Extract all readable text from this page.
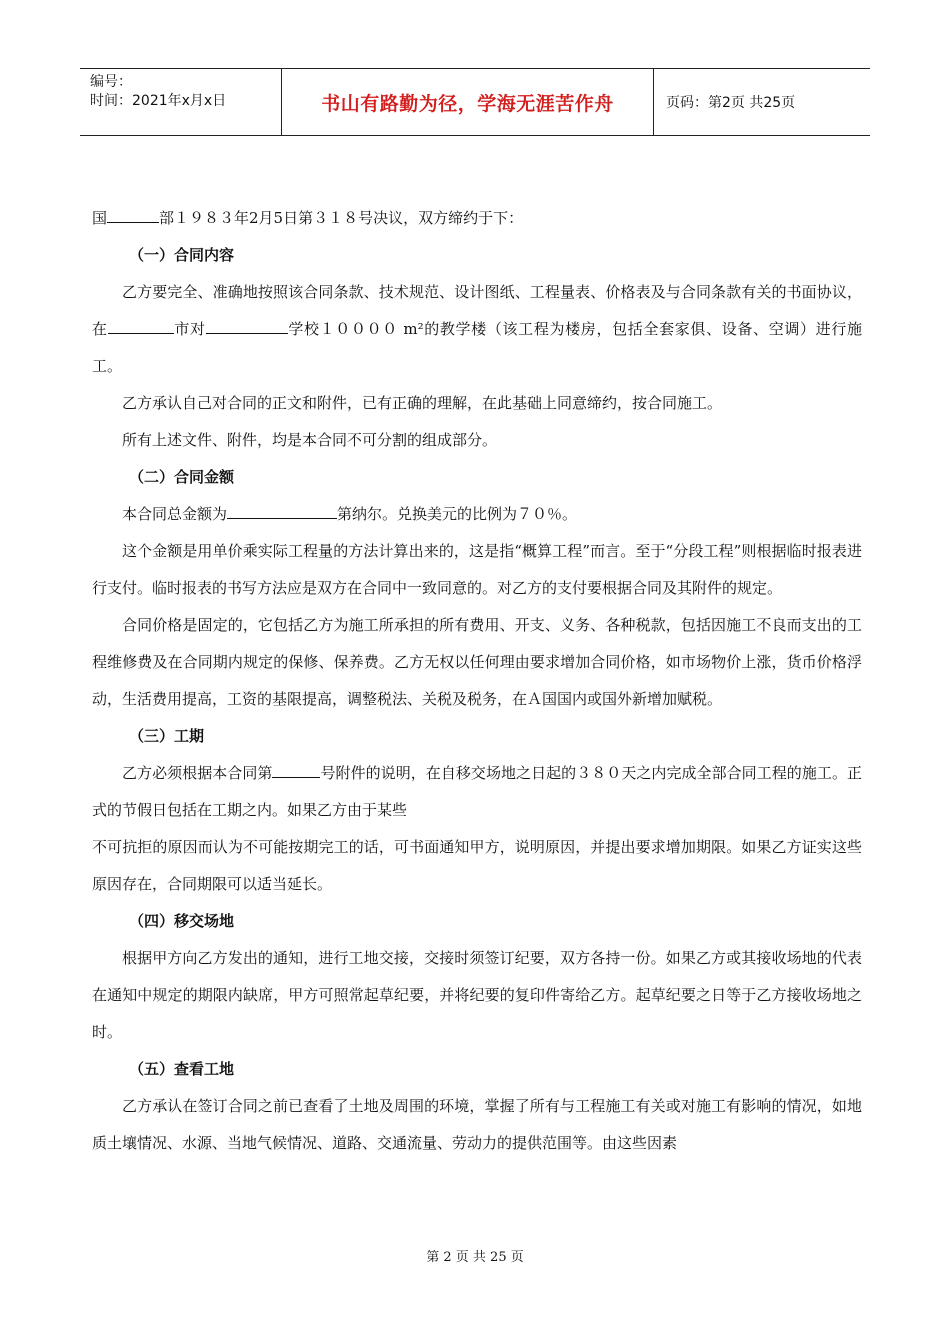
编号：
时间：2021年x月x日	书山有路勤为径，学海无涯苦作舟	页码：第2页 共25页
国	部１９８３年2月5日第３１８号决议，双方缔约于下：
（一）合同内容
乙方要完全、准确地按照该合同条款、技术规范、设计图纸、工程量表、价格表及与合同条款有关的书面协议，在	市对	学校１００００ m²的教学楼（该工程为楼房，包括全套家俱、设备、空调）进行施工。
乙方承认自己对合同的正文和附件，已有正确的理解，在此基础上同意缔约，按合同施工。
所有上述文件、附件，均是本合同不可分割的组成部分。
（二）合同金额
本合同总金额为	第纳尔。兑换美元的比例为７０％。
这个金额是用单价乘实际工程量的方法计算出来的，这是指“概算工程”而言。至于“分段工程”则根据临时报表进行支付。临时报表的书写方法应是双方在合同中一致同意的。对乙方的支付要根据合同及其附件的规定。
合同价格是固定的，它包括乙方为施工所承担的所有费用、开支、义务、各种税款，包括因施工不良而支出的工程维修费及在合同期内规定的保修、保养费。乙方无权以任何理由要求增加合同价格，如市场物价上涨，货币价格浮动，生活费用提高，工资的基限提高，调整税法、关税及税务，在Ａ国国内或国外新增加赋税。
（三）工期
乙方必须根据本合同第	号附件的说明，在自移交场地之日起的３８０天之内完成全部合同工程的施工。正式的节假日包括在工期之内。如果乙方由于某些
不可抗拒的原因而认为不可能按期完工的话，可书面通知甲方，说明原因，并提出要求增加期限。如果乙方证实这些原因存在，合同期限可以适当延长。
（四）移交场地
根据甲方向乙方发出的通知，进行工地交接，交接时须签订纪要，双方各持一份。如果乙方或其接收场地的代表在通知中规定的期限内缺席，甲方可照常起草纪要，并将纪要的复印件寄给乙方。起草纪要之日等于乙方接收场地之时。
（五）查看工地
乙方承认在签订合同之前已查看了土地及周围的环境，掌握了所有与工程施工有关或对施工有影响的情况，如地质土壤情况、水源、当地气候情况、道路、交通流量、劳动力的提供范围等。由这些因素
第 2 页 共 25 页
